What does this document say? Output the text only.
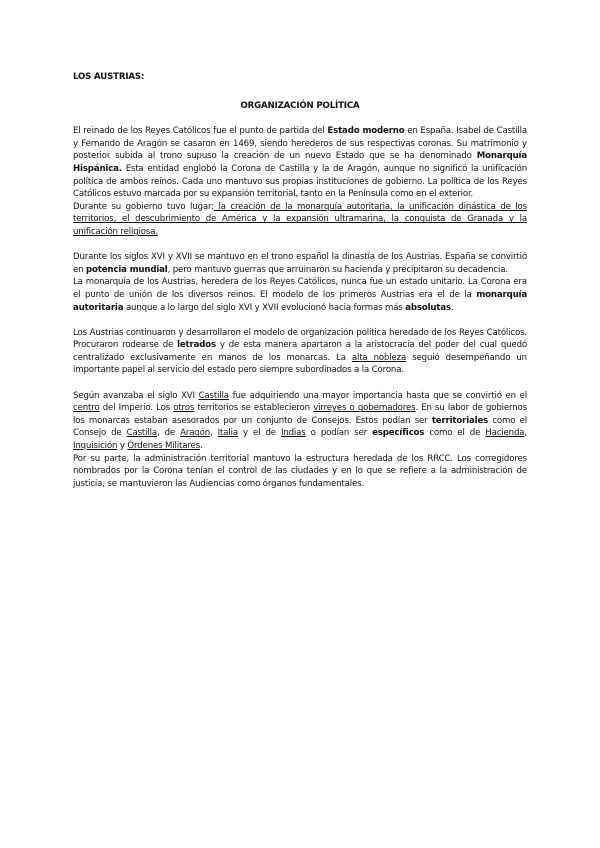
LOS AUSTRIAS:
ORGANIZACIÓN POLÍTICA

El reinado de los Reyes Católicos fue el punto de partida del Estado moderno en España. Isabel de Castilla y Fernando de Aragón se casaron en 1469, siendo herederos de sus respectivas coronas. Su matrimonio y posterior subida al trono supuso la creación de un nuevo Estado que se ha denominado Monarquía Hispánica. Esta entidad englobó la Corona de Castilla y la de Aragón, aunque no significó la unificación política de ambos reinos. Cada uno mantuvo sus propias instituciones de gobierno. La política de los Reyes Católicos estuvo marcada por su expansión territorial, tanto en la Península como en el exterior.

Durante su gobierno tuvo lugar: la creación de la monarquía autoritaria, la unificación dinástica de los territorios, el descubrimiento de América y la expansión ultramarina, la conquista de Granada y la unificación religiosa.

Durante los siglos XVI y XVII se mantuvo en el trono español la dinastía de los Austrias. España se convirtió en potencia mundial, pero mantuvo guerras que arruinaron su hacienda y precipitaron su decadencia.

La monarquía de los Austrias, heredera de los Reyes Católicos, nunca fue un estado unitario. La Corona era el punto de unión de los diversos reinos. El modelo de los primeros Austrias era el de la monarquía autoritaria aunque a lo largo del siglo XVI y XVII evolucionó hacia formas más absolutas.

Los Austrias continuaron y desarrollaron el modelo de organización política heredado de los Reyes Católicos. Procuraron rodearse de letrados y de esta manera apartaron a la aristocracia del poder del cual quedó centralizado exclusivamente en manos de los monarcas. La alta nobleza seguió desempeñando un importante papel al servicio del estado pero siempre subordinados a la Corona.

Según avanzaba el siglo XVI Castilla fue adquiriendo una mayor importancia hasta que se convirtió en el centro del Imperio. Los otros territorios se establecieron virreyes o gobernadores. En su labor de gobiernos los monarcas estaban asesorados por un conjunto de Consejos. Estos podían ser territoriales como el Consejo de Castilla, de Aragón, Italia y el de Indias o podían ser específicos como el de Hacienda, Inquisición y Órdenes Militares.

Por su parte, la administración territorial mantuvo la estructura heredada de los RRCC. Los corregidores nombrados por la Corona tenían el control de las ciudades y en lo que se refiere a la administración de justicia, se mantuvieron las Audiencias como órganos fundamentales.
